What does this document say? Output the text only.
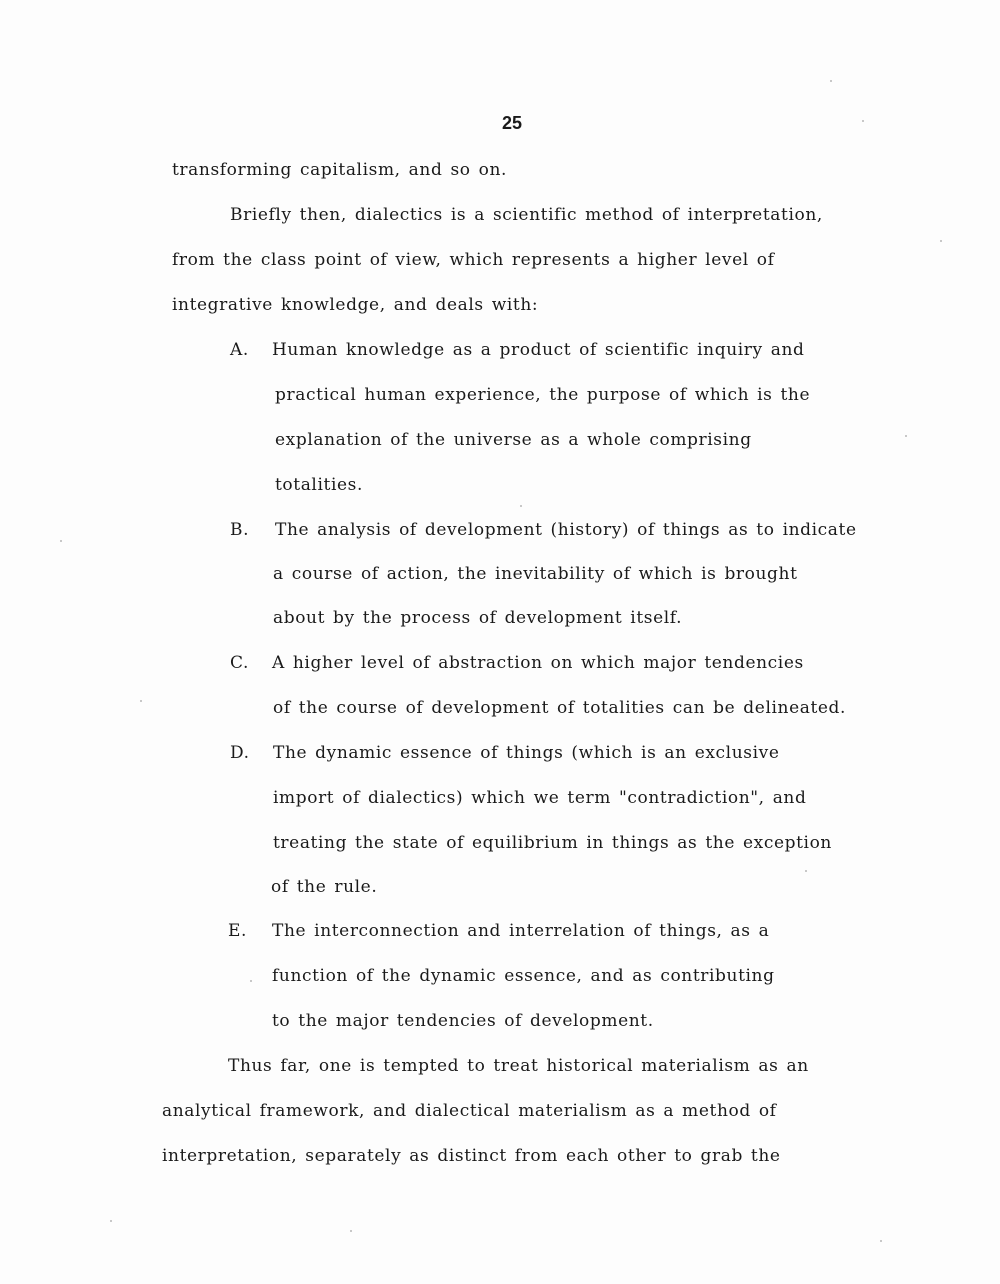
25
transforming capitalism, and so on.
Briefly then, dialectics is a scientific method of interpretation,
from the class point of view, which represents a higher level of
integrative knowledge, and deals with:
A. Human knowledge as a product of scientific inquiry and
practical human experience, the purpose of which is the
explanation of the universe as a whole comprising
totalities.
B. The analysis of development (history) of things as to indicate
a course of action, the inevitability of which is brought
about by the process of development itself.
C. A higher level of abstraction on which major tendencies
of the course of development of totalities can be delineated.
D. The dynamic essence of things (which is an exclusive
import of dialectics) which we term "contradiction", and
treating the state of equilibrium in things as the exception
of the rule.
E. The interconnection and interrelation of things, as a
function of the dynamic essence, and as contributing
to the major tendencies of development.
Thus far, one is tempted to treat historical materialism as an
analytical framework, and dialectical materialism as a method of
interpretation, separately as distinct from each other to grab the
